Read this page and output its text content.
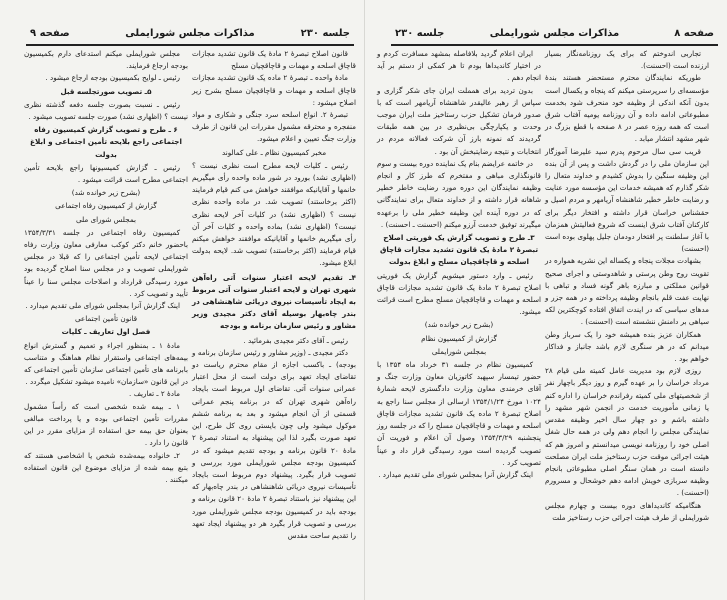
جلسه ۲۳۰
مذاکرات مجلس شورایملی
صفحه ۹

قانون اصلاح تبصرهٔ ۲ مادهٔ یک قانون تشدید مجازات قاچاق اسلحه و مهمات و قاچاقچیان مسلح

مادهٔ واحده ـ تبصرهٔ ۲ ماده یک قانون تشدید مجازات قاچاق اسلحه و مهمات و قاچاقچیان مسلح بشرح زیر اصلاح میشود :

تبصرهٔ ۲. انواع اسلحه سرد جنگی و شکاری و مواد منفجره و محترقه مشمول مقررات این قانون از طرف وزارت جنگ تعیین و اعلام میشود.

مخبر کمیسیون نظام ـ علی کمالوند

رئیس ـ کلیات لایحه مطرح است نظری نیست ؟ (اظهاری نشد) بورود در شور ماده واحده رأی میگیریم خانمها و آقایانیکه موافقند خواهش می کنم قیام فرمایند (اکثر برخاستند) تصویب شد. در ماده واحده نظری نیست ؟ (اظهاری نشد) در کلیات آخر لایحه نظری نیست؟ (اظهاری نشد) بماده واحده و کلیات آخر آن رأی میگیریم خانمها و آقایانیکه موافقند خواهش میکنم قیام فرمایند (اکثر برخاستند) تصویب شد. لایحه بدولت ابلاغ میشود.

۴ـ تقدیم لایحه اعتبار سنوات آتی راه‌آهن شهری تهران و لایحه اعتبار سنوات آتی مربوط به ایجاد تأسیسات نیروی دریائی شاهنشاهی در بندر چاه‌بهار بوسیله آقای دکتر مجیدی وزیر مشاور و رئیس سازمان برنامه و بودجه

رئیس ـ آقای دکتر مجیدی بفرمائید .

دکتر مجیدی ـ (وزیر مشاور و رئیس سازمان برنامه و بودجه) ـ باکسب اجازه از مقام محترم ریاست دو تقاضای ایجاد تعهد برای دولت است از محل اعتبار عمرانی سنوات آتی. تقاضای اول مربوط است بایجاد راه‌آهن شهری تهران که در برنامه پنجم عمرانی قسمتی از آن انجام میشود و بعد به برنامه ششم موکول میشود ولی چون بایستی روی کل طرح، این تعهد صورت بگیرد لذا این پیشنهاد به استناد تبصرهٔ ۲ مادهٔ ۲۰ قانون برنامه و بودجه تقدیم میشود که در کمیسیون بودجه مجلس شورایملی مورد بررسی و تصویب قرار بگیرد. پیشنهاد دوم مربوط است بایجاد تأسیسات نیروی دریائی شاهنشاهی در بندر چاه‌بهار که این پیشنهاد نیز باستناد تبصرهٔ ۲ مادهٔ ۲۰ قانون برنامه و بودجه باید در کمیسیون بودجه مجلس شورایملی مورد بررسی و تصویب قرار بگیرد هر دو پیشنهاد ایجاد تعهد را تقدیم ساحت مقدس

مجلس شورایملی میکنم استدعای دارم بکمیسیون بودجه ارجاع فرمایند.

رئیس ـ لوایح بکمیسیون بودجه ارجاع میشود .

۵ـ تصویب صورتجلسه قبل

رئیس ـ نسبت بصورت جلسه دفعه گذشته نظری نیست ؟ (اظهاری نشد) صورت جلسه تصویب میشود .

۶ ـ طرح و تصویب گزارش کمیسیون رفاه اجتماعی راجع بلایحه تأمین اجتماعی و ابلاغ بدولت

رئیس ـ گزارش کمیسیونها راجع بلایحه تأمین اجتماعی مطرح است قرائت میشود .

(بشرح زیر خوانده شد)

گزارش از کمیسیون رفاه اجتماعی

بمجلس شورای ملی

کمیسیون رفاه اجتماعی در جلسه ۱۳۵۴/۳/۳۱ باحضور خانم دکتر کوکب معارفی معاون وزارت رفاه اجتماعی لایحه تأمین اجتماعی را که قبلا در مجلس شورایملی تصویب و در مجلس سنا اصلاح گردیده بود مورد رسیدگی قرارداد و اصلاحات مجلس سنا را عیناً تأیید و تصویب کرد .

اینک گزارش آنرا بمجلس شورای ملی تقدیم میدارد .

قانون تأمین اجتماعی

فصل اول تعاریف ـ کلیات

مادهٔ ۱ ـ بمنظور اجراء و تعمیم و گسترش انواع بیمه‌های اجتماعی واستقرار نظام هماهنگ و متناسب بابرنامه های تأمین اجتماعی سازمان تأمین اجتماعی که در این قانون «سازمان» نامیده میشود تشکیل میگردد .

مادهٔ ۲ ـ تعاریف .

۱ ـ بیمه شده شخصی است که رأساً مشمول مقررات تأمین اجتماعی بوده و یا پرداخت مبالغی بعنوان حق بیمه حق استفاده از مزایای مقرر در این قانون را دارد .

۲ـ خانواده بیمه‌شده شخص یا اشخاصی هستند که بتبع بیمه شده از مزایای موضوع این قانون استفاده میکنند .

صفحه ۸
مذاکرات مجلس شورایملی
جلسه ۲۳۰

تجاربی اندوختم که برای یک روزنامه‌نگار بسیار ارزنده است (احسنت).

طوریکه نمایندگان محترم مستحضر هستند بندهٔ مؤسسه‌ای را سرپرستی میکنم که پنجاه و یکسال است بدون آنکه اندکی از وظیفه خود منحرف شود بخدمت مطبوعاتی ادامه داده و آن روزنامه یومیه آفتاب شرق است که همه روزه عصر در ۸ صفحه با قطع بزرگ در شهر مشهد انتشار میابد .

قریب سی سال مرحوم پدرم سید علیرضا آموزگار این سازمان ملی را در گردش داشت و پس از آن بنده این وظیفه سنگین را بدوش کشیدم و خداوند متعال را شکر گذارم که همیشه خدمات این مؤسسه مورد عنایت و رضایت خاطر خطیر شاهنشاه آریامهر و مردم اصیل و حقشناس خراسان قرار داشته و افتخار دیگر برای کارکنان آفتاب شرق اینست که شروع فعالیتش همزمان با آغاز سلطنت پر افتخار دودمان جلیل پهلوی بوده است (احسنت)

بشهادت مجلات پنجاه و یکساله این نشریه همواره در تقویت روح وطن پرستی و شاهدوستی و اجرای صحیح قوانین مملکتی و مبارزه باهر گونه فساد و تباهی با نهایت عفت قلم بانجام وظیفه پرداخته و در همه جزر و مدهای سیاسی که در ایندت اتفاق افتاده کوچکترین لکه سیاهی بر دامنش ننشسته است (احسنت) .

همکاران عزیز بنده همیشه خود را یک سرباز وطن میدانم که در هر سنگری لازم باشد جانباز و فداکار خواهم بود .

روزی لازم بود مدیریت عامل کمیته ملی قیام ۲۸ مرداد خراسان را بر عهده گیرم و روز دیگر باچهار نفر از شخصیتهای ملی کمیته رفراندم خراسان را اداره کنم یا زمانی مأموریت خدمت در انجمن شهر مشهد را داشته باشم و دو چهار سال اخیر وظیفه مقدس نمایندگی مجلس را انجام دهم ولی در همه حال شغل اصلی خود را روزنامه نویسی میدانستم و امروز هم که هیئت اجرائی موقت حزب رستاخیز ملت ایران مصلحت دانسته است در همان سنگر اصلی مطبوعاتی بانجام وظیفه سربازی خویش ادامه دهم خوشحال و مسرورم (احسنت) .

هنگامیکه کاندیداهای دوره بیست و چهارم مجلس شورایملی از طرف هیئت اجرائی حزب رستاخیز ملت

ایران اعلام گردید بلافاصله بمشهد مسافرت کردم و در اختیار کاندیداها بودم تا هر کمکی از دستم بر آید انجام دهم .

بدون تردید برای همملت ایران جای شکر گزاری و سپاس از رهبر عالیقدر شاهنشاه آریامهر است که با صدور فرمان تشکیل حزب رستاخیز ملت ایران موجب وحدت و یکپارچگی بی‌نظیری در بین همه طبقات گردیدند که نمونه بارز آن شرکت فعالانه مردم در انتخابات و نتیجه رضایتبخش آن بود .

در خاتمه عرایضم بنام یک نماینده دوره بیست و سوم قانونگذاری مباهی و مفتخرم که طرز کار و انجام وظیفه نمایندگان این دوره مورد رضایت خاطر خطیر شاهانه قرار داشته و از خداوند متعال برای نمایندگانی که در دوره آینده این وظیفه خطیر ملی را برعهده میگیرند توفیق خدمت آرزو میکنم (احسنت ـ احسنت) .

۳ـ طرح و تصویب گزارش یک فوریتی اصلاح تبصرهٔ ۲ مادهٔ یک قانون تشدید مجازات قاچاق اسلحه و قاچاقچیان مسلح و ابلاغ بدولت

رئیس ـ وارد دستور میشویم گزارش یک فوریتی اصلاح تبصرهٔ ۲ مادهٔ یک قانون تشدید مجازات قاچاق اسلحه و مهمات و قاچاقچیان مسلح مطرح است قرائت میشود.

(بشرح زیر خوانده شد)

گزارش از کمیسیون نظام

بمجلس شورایملی

کمیسیون نظام در جلسه ۳۱ خرداد ماه ۱۳۵۴ با حضور تیمسار سپهبد کاتوزیان معاون وزارت جنگ و آقای خرمندی معاون وزارت دادگستری لایحه شمارهٔ ۱۰۲۴ مورخ ۱۳۵۴/۱/۲۴ ارسالی از مجلس سنا راجع به اصلاح تبصرهٔ ۲ ماده یک قانون تشدید مجازات قاچاق اسلحه و مهمات و قاچاقچیان مسلح را که در جلسه روز پنجشنبه ۱۳۵۴/۳/۲۹ وصول آن اعلام و فوریت آن تصویب گردیده است مورد رسیدگی قرار داد و عیناً تصویب کرد .

اینک گزارش آنرا بمجلس شورای ملی تقدیم میدارد .
